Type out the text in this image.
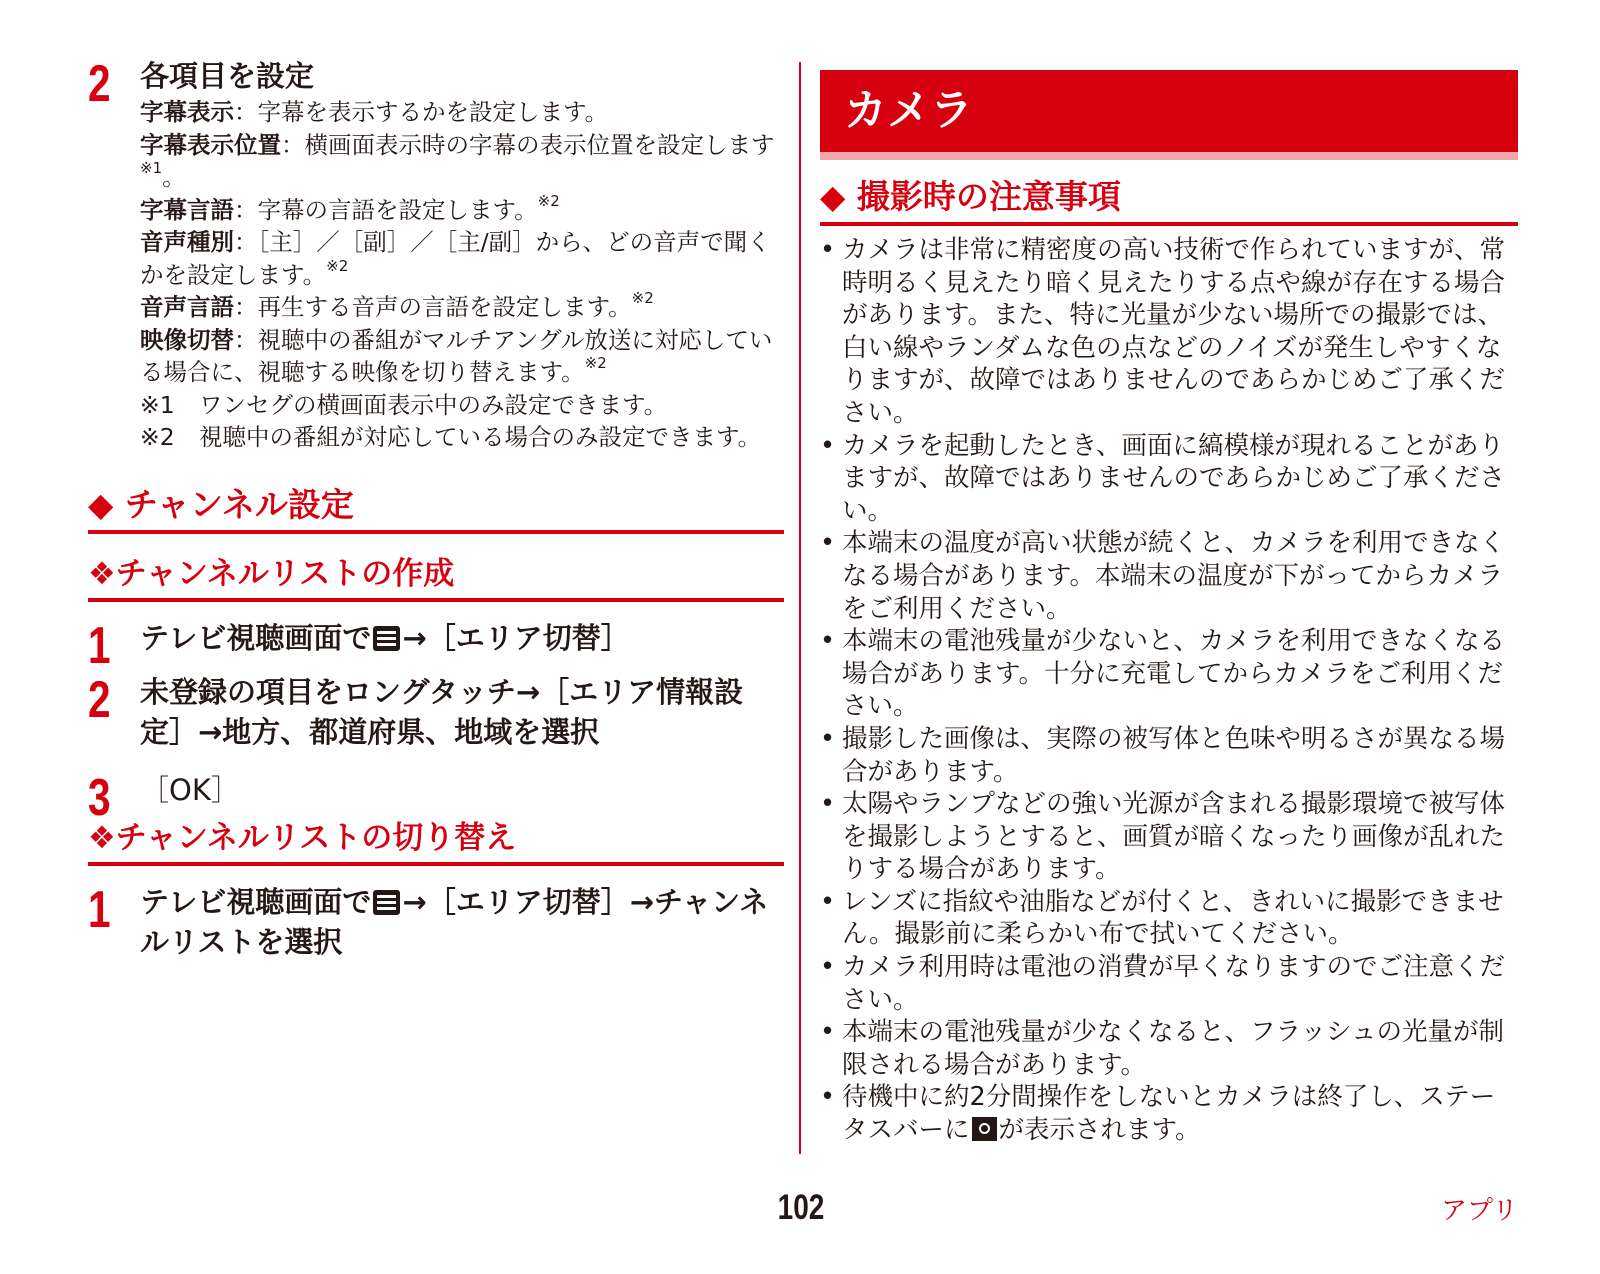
2 各項目を設定

字幕表示：字幕を表示するかを設定します。

字幕表示位置：横画面表示時の字幕の表示位置を設定します$^{※1}$。

字幕言語：字幕の言語を設定します。$^{※2}$

音声種別：［主］／［副］／［主/副］から、どの音声で聞くかを設定します。$^{※2}$

音声言語：再生する音声の言語を設定します。$^{※2}$

映像切替：視聴中の番組がマルチアングル放送に対応している場合に、視聴する映像を切り替えます。$^{※2}$

※1 ワンセグの横画面表示中のみ設定できます。
※2 視聴中の番組が対応している場合のみ設定できます。
◆ チャンネル設定
❖チャンネルリストの作成
1 テレビ視聴画面で →［エリア切替］

2 未登録の項目をロングタッチ→［エリア情報設定］→地方、都道府県、地域を選択

3 ［OK］

❖チャンネルリストの切り替え
1 テレビ視聴画面で →［エリア切替］→チャンネルリストを選択

カメラ
◆ 撮影時の注意事項
• カメラは非常に精密度の高い技術で作られていますが、常時明るく見えたり暗く見えたりする点や線が存在する場合があります。また、特に光量が少ない場所での撮影では、白い線やランダムな色の点などのノイズが発生しやすくなりますが、故障ではありませんのであらかじめご了承ください。
• カメラを起動したとき、画面に縞模様が現れることがありますが、故障ではありませんのであらかじめご了承ください。
• 本端末の温度が高い状態が続くと、カメラを利用できなくなる場合があります。本端末の温度が下がってからカメラをご利用ください。
• 本端末の電池残量が少ないと、カメラを利用できなくなる場合があります。十分に充電してからカメラをご利用ください。
• 撮影した画像は、実際の被写体と色味や明るさが異なる場合があります。
• 太陽やランプなどの強い光源が含まれる撮影環境で被写体を撮影しようとすると、画質が暗くなったり画像が乱れたりする場合があります。
• レンズに指紋や油脂などが付くと、きれいに撮影できません。撮影前に柔らかい布で拭いてください。
• カメラ利用時は電池の消費が早くなりますのでご注意ください。
• 本端末の電池残量が少なくなると、フラッシュの光量が制限される場合があります。
• 待機中に約2分間操作をしないとカメラは終了し、ステータスバーに が表示されます。
102	アプリ
